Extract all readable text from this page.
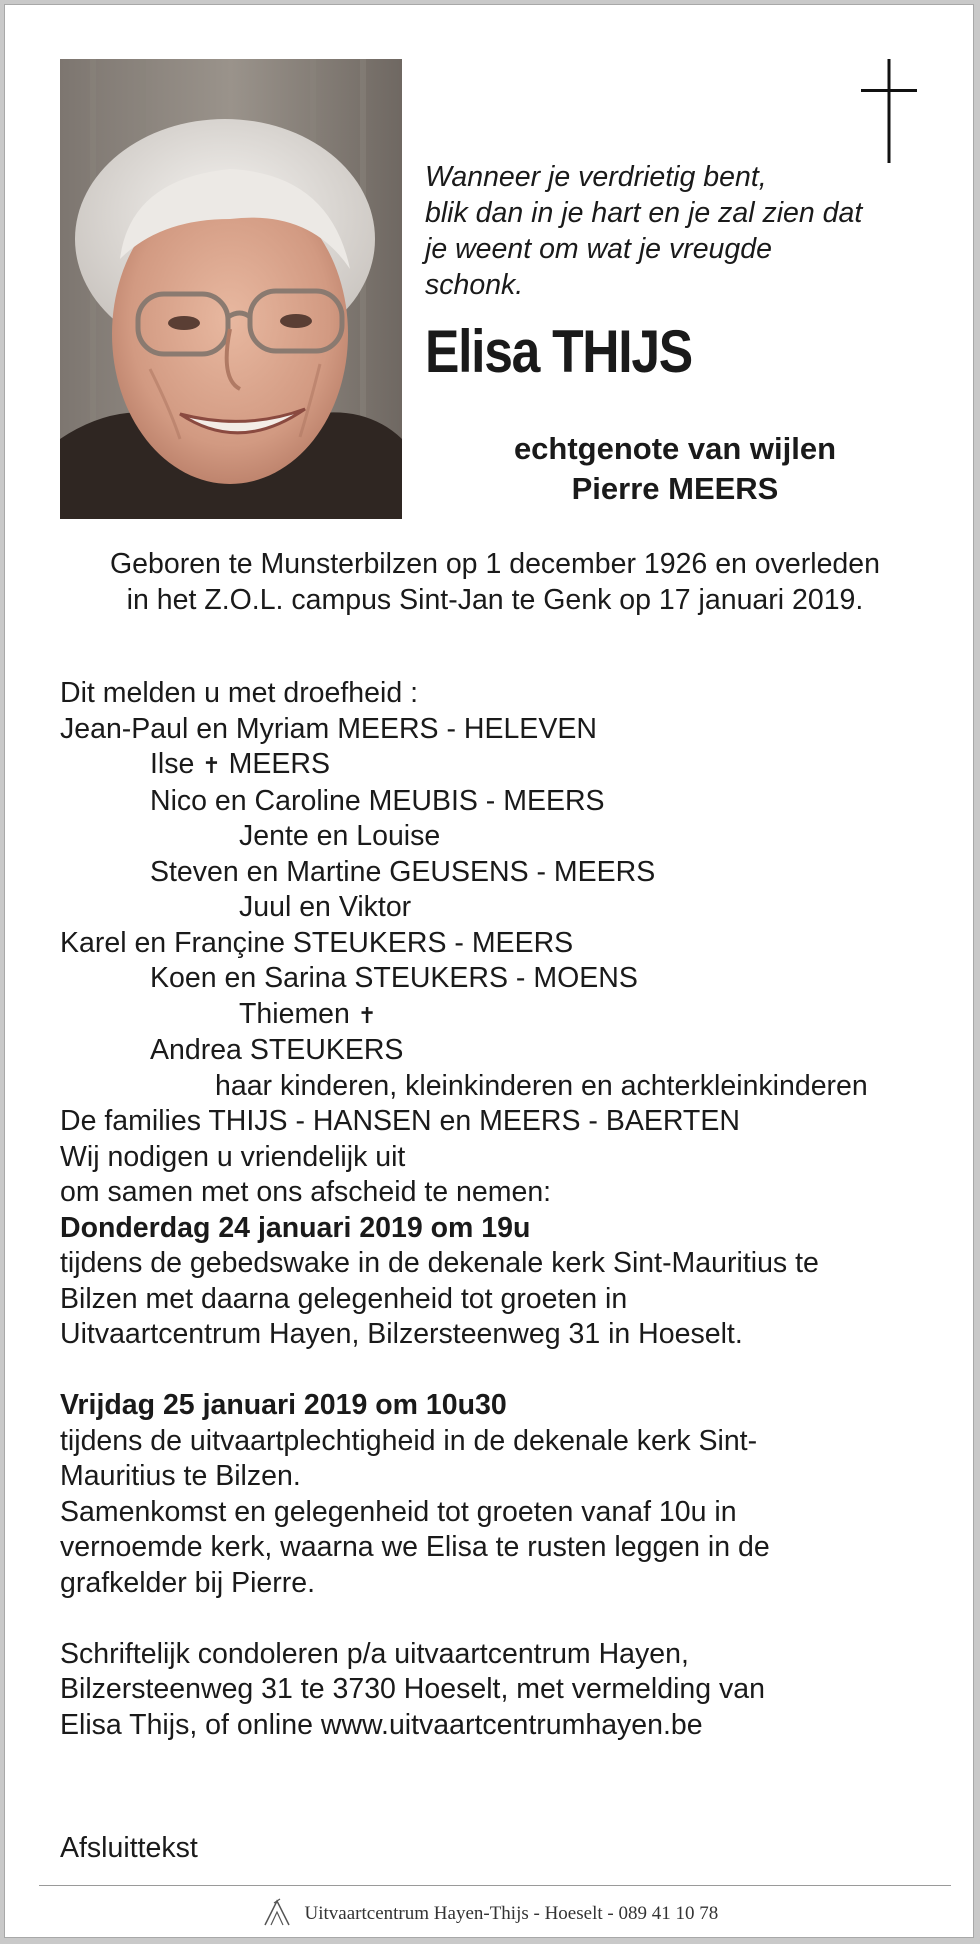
Wanneer je verdrietig bent,
blik dan in je hart en je zal zien dat
je weent om wat je vreugde
schonk.
Elisa THIJS
echtgenote van wijlen
Pierre MEERS
Geboren te Munsterbilzen op 1 december 1926 en overleden
in het Z.O.L. campus Sint-Jan te Genk op 17 januari 2019.
Dit melden u met droefheid :
Jean-Paul en Myriam MEERS - HELEVEN
Ilse ✝ MEERS
Nico en Caroline MEUBIS - MEERS
Jente en Louise
Steven en Martine GEUSENS - MEERS
Juul en Viktor
Karel en Françine STEUKERS - MEERS
Koen en Sarina STEUKERS - MOENS
Thiemen ✝
Andrea STEUKERS
haar kinderen, kleinkinderen en achterkleinkinderen
De families THIJS - HANSEN en MEERS - BAERTEN
Wij nodigen u vriendelijk uit
om samen met ons afscheid te nemen:
Donderdag 24 januari 2019 om 19u
tijdens de gebedswake in de dekenale kerk Sint-Mauritius te
Bilzen met daarna gelegenheid tot groeten in
Uitvaartcentrum Hayen, Bilzersteenweg 31 in Hoeselt.
Vrijdag 25 januari 2019 om 10u30
tijdens de uitvaartplechtigheid in de dekenale kerk Sint-
Mauritius te Bilzen.
Samenkomst en gelegenheid tot groeten vanaf 10u in
vernoemde kerk, waarna we Elisa te rusten leggen in de
grafkelder bij Pierre.
Schriftelijk condoleren p/a uitvaartcentrum Hayen,
Bilzersteenweg 31 te 3730 Hoeselt, met vermelding van
Elisa Thijs, of online www.uitvaartcentrumhayen.be
Afsluittekst
Uitvaartcentrum Hayen-Thijs - Hoeselt - 089 41 10 78
